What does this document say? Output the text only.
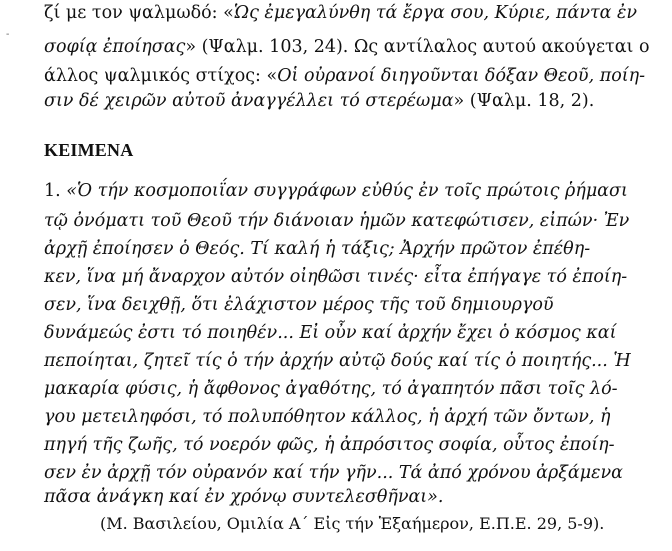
-
ζί με τον ψαλμωδό: «Ὡς ἐμεγαλύνθη τά ἔργα σου, Κύριε, πάντα ἐν
σοφίᾳ ἐποίησας» (Ψαλμ. 103, 24). Ως αντίλαλος αυτού ακούγεται ο
άλλος ψαλμικός στίχος: «Οἱ οὐρανοί διηγοῦνται δόξαν Θεοῦ, ποίη-
σιν δέ χειρῶν αὐτοῦ ἀναγγέλλει τό στερέωμα» (Ψαλμ. 18, 2).
ΚΕΙΜΕΝΑ
1. «Ὁ τήν κοσμοποιΐαν συγγράφων εὐθύς ἐν τοῖς πρώτοις ῥήμασι
τῷ ὀνόματι τοῦ Θεοῦ τήν διάνοιαν ἡμῶν κατεφώτισεν, εἰπών· Ἐν
ἀρχῇ ἐποίησεν ὁ Θεός. Τί καλή ἡ τάξις; Ἀρχήν πρῶτον ἐπέθη-
κεν, ἵνα μή ἄναρχον αὐτόν οἰηθῶσι τινές· εἶτα ἐπήγαγε τό ἐποίη-
σεν, ἵνα δειχθῇ, ὅτι ἐλάχιστον μέρος τῆς τοῦ δημιουργοῦ
δυνάμεώς ἐστι τό ποιηθέν... Εἰ οὖν καί ἀρχήν ἔχει ὁ κόσμος καί
πεποίηται, ζητεῖ τίς ὁ τήν ἀρχήν αὐτῷ δούς καί τίς ὁ ποιητής... Ἡ
μακαρία φύσις, ἡ ἄφθονος ἀγαθότης, τό ἀγαπητόν πᾶσι τοῖς λό-
γου μετειληφόσι, τό πολυπόθητον κάλλος, ἡ ἀρχή τῶν ὄντων, ἡ
πηγή τῆς ζωῆς, τό νοερόν φῶς, ἡ ἀπρόσιτος σοφία, οὗτος ἐποίη-
σεν ἐν ἀρχῇ τόν οὐρανόν καί τήν γῆν... Τά ἀπό χρόνου ἀρξάμενα
πᾶσα ἀνάγκη καί ἐν χρόνῳ συντελεσθῆναι».
(Μ. Βασιλείου, Ομιλία Α΄ Εἰς τήν Ἑξαήμερον, Ε.Π.Ε. 29, 5-9).
